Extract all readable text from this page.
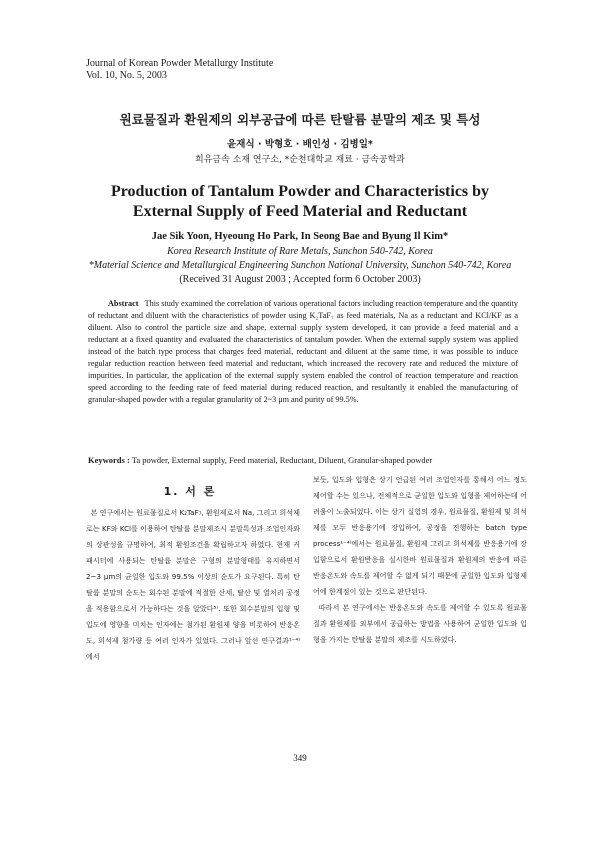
Journal of Korean Powder Metallurgy Institute
Vol. 10, No. 5, 2003
원료물질과 환원제의 외부공급에 따른 탄탈륨 분말의 제조 및 특성
윤재식 · 박형호 · 배인성 · 김병일*
희유금속 소재 연구소, *순천대학교 재료 · 금속공학과
Production of Tantalum Powder and Characteristics by
External Supply of Feed Material and Reductant
Jae Sik Yoon, Hyeoung Ho Park, In Seong Bae and Byung Il Kim*
Korea Research Institute of Rare Metals, Sunchon 540-742, Korea
*Material Science and Metallurgical Engineering Sunchon National University, Sunchon 540-742, Korea
(Received 31 August 2003 ; Accepted form 6 October 2003)

Abstract This study examined the correlation of various operational factors including reaction temperature and the quantity of reductant and diluent with the characteristics of powder using K₂TaF₇ as feed materials, Na as a reductant and KCl/KF as a diluent. Also to control the particle size and shape, external supply system developed, it can provide a feed material and a reductant at a fixed quantity and evaluated the characteristics of tantalum powder. When the external supply system was applied instead of the batch type process that charges feed material, reductant and diluent at the same time, it was possible to induce regular reduction reaction between feed material and reductant, which increased the recovery rate and reduced the mixture of impurities. In particular, the application of the external supply system enabled the control of reaction temperature and reaction speed according to the feeding rate of feed material during reduced reaction, and resultantly it enabled the manufacturing of granular-shaped powder with a regular granularity of 2~3 μm and purity of 99.5%.

Keywords : Ta powder, External supply, Feed material, Reductant, Diluent, Granular-shaped powder
1. 서 론

본 연구에서는 원료물질로서 K₂TaF₇, 환원제로서 Na, 그리고 희석제로는 KF와 KCl를 이용하여 탄탈륨 분말제조시 분말특성과 조업인자와의 상관성을 규명하여, 최적 환원조건을 확립하고자 하였다. 현재 커패시터에 사용되는 탄탈륨 분말은 구형의 분말형태를 유지하면서 2~3 μm의 균일한 입도와 99.5% 이상의 순도가 요구된다. 특히 탄탈륨 분말의 순도는 회수된 분말에 적절한 산세, 탈산 및 열처리 공정을 적용함으로서 가능하다는 것을 알았다⁵⁾. 또한 회수분말의 입형 및 입도에 영향을 미치는 인자에는 첨가된 환원제 양을 비롯하여 반응온도, 희석제 첨가량 등 여러 인자가 있었다. 그러나 앞선 연구결과¹⁻⁴⁾에서

보듯, 입도와 입형은 상기 언급된 여러 조업인자를 통해서 어느 정도 제어할 수는 있으나, 전체적으로 균일한 입도와 입형을 제어하는데 어려움이 노출되었다. 이는 상기 실험의 경우, 원료물질, 환원제 및 희석제를 모두 반응용기에 장입하여, 공정을 진행하는 batch type process¹⁻⁴⁾에서는 원료물질, 환원제 그리고 희석제를 반응용기에 장입함으로서 환원반응을 실시한바 원료물질과 환원제의 반응에 따른 반응온도와 속도를 제어할 수 없게 되기 때문에 균일한 입도와 입형제어에 한계점이 있는 것으로 판단된다.
따라서 본 연구에서는 반응온도와 속도를 제어할 수 있도록 원료물질과 환원제를 외부에서 공급하는 방법을 사용하여 균일한 입도와 입형을 가지는 탄탈륨 분말의 제조를 시도하였다.
349
